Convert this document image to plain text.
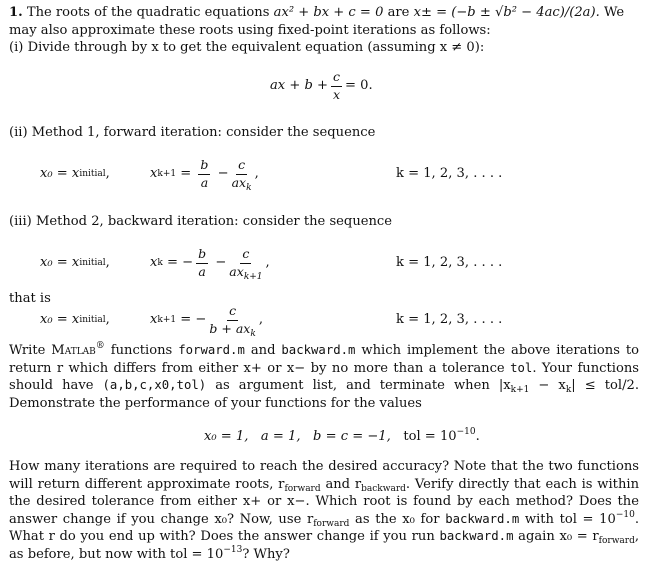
1. The roots of the quadratic equations ax² + bx + c = 0 are x± = (−b ± √b² − 4ac)/(2a). We may also approximate these roots using fixed-point iterations as follows:
(i) Divide through by x to get the equivalent equation (assuming x ≠ 0):

ax + $b + \frac{c}{x} = 0$.

(ii) Method 1, forward iteration: consider the sequence

x₀ = x initial ,	x $k+1 = \frac{b}{a} - \frac{c}{ax_k}$ ,	k = 1, 2, 3, . . . .

(iii) Method 2, backward iteration: consider the sequence

x₀ = x initial ,	x k = − $\frac{b}{a} - \frac{c}{ax_{k+1}}$ ,	k = 1, 2, 3, . . . .

that is

x₀ = x initial ,	x k+1 = − $\frac{c}{b + ax_k}$ ,	k = 1, 2, 3, . . . .

Write Matlab® functions forward.m and backward.m which implement the above iterations to return r which differs from either x+ or x− by no more than a tolerance tol. Your functions should have (a,b,c,x0,tol) as argument list, and terminate when $|x_{k+1} - x_k| \le tol/2$. Demonstrate the performance of your functions for the values

x₀ = 1, a = 1, b = c = −1, tol = $10^{-10}$.

How many iterations are required to reach the desired accuracy? Note that the two functions will return different approximate roots, $r_{forward}$ and $r_{backward}$. Verify directly that each is within the desired tolerance from either x+ or x−. Which root is found by each method? Does the answer change if you change x₀? Now, use $r_{forward}$ as the x₀ for backward.m with tol = $10^{-10}$. What r do you end up with? Does the answer change if you run backward.m again $x_0 = r_{forward}$, as before, but now with tol = $10^{-13}$? Why?
